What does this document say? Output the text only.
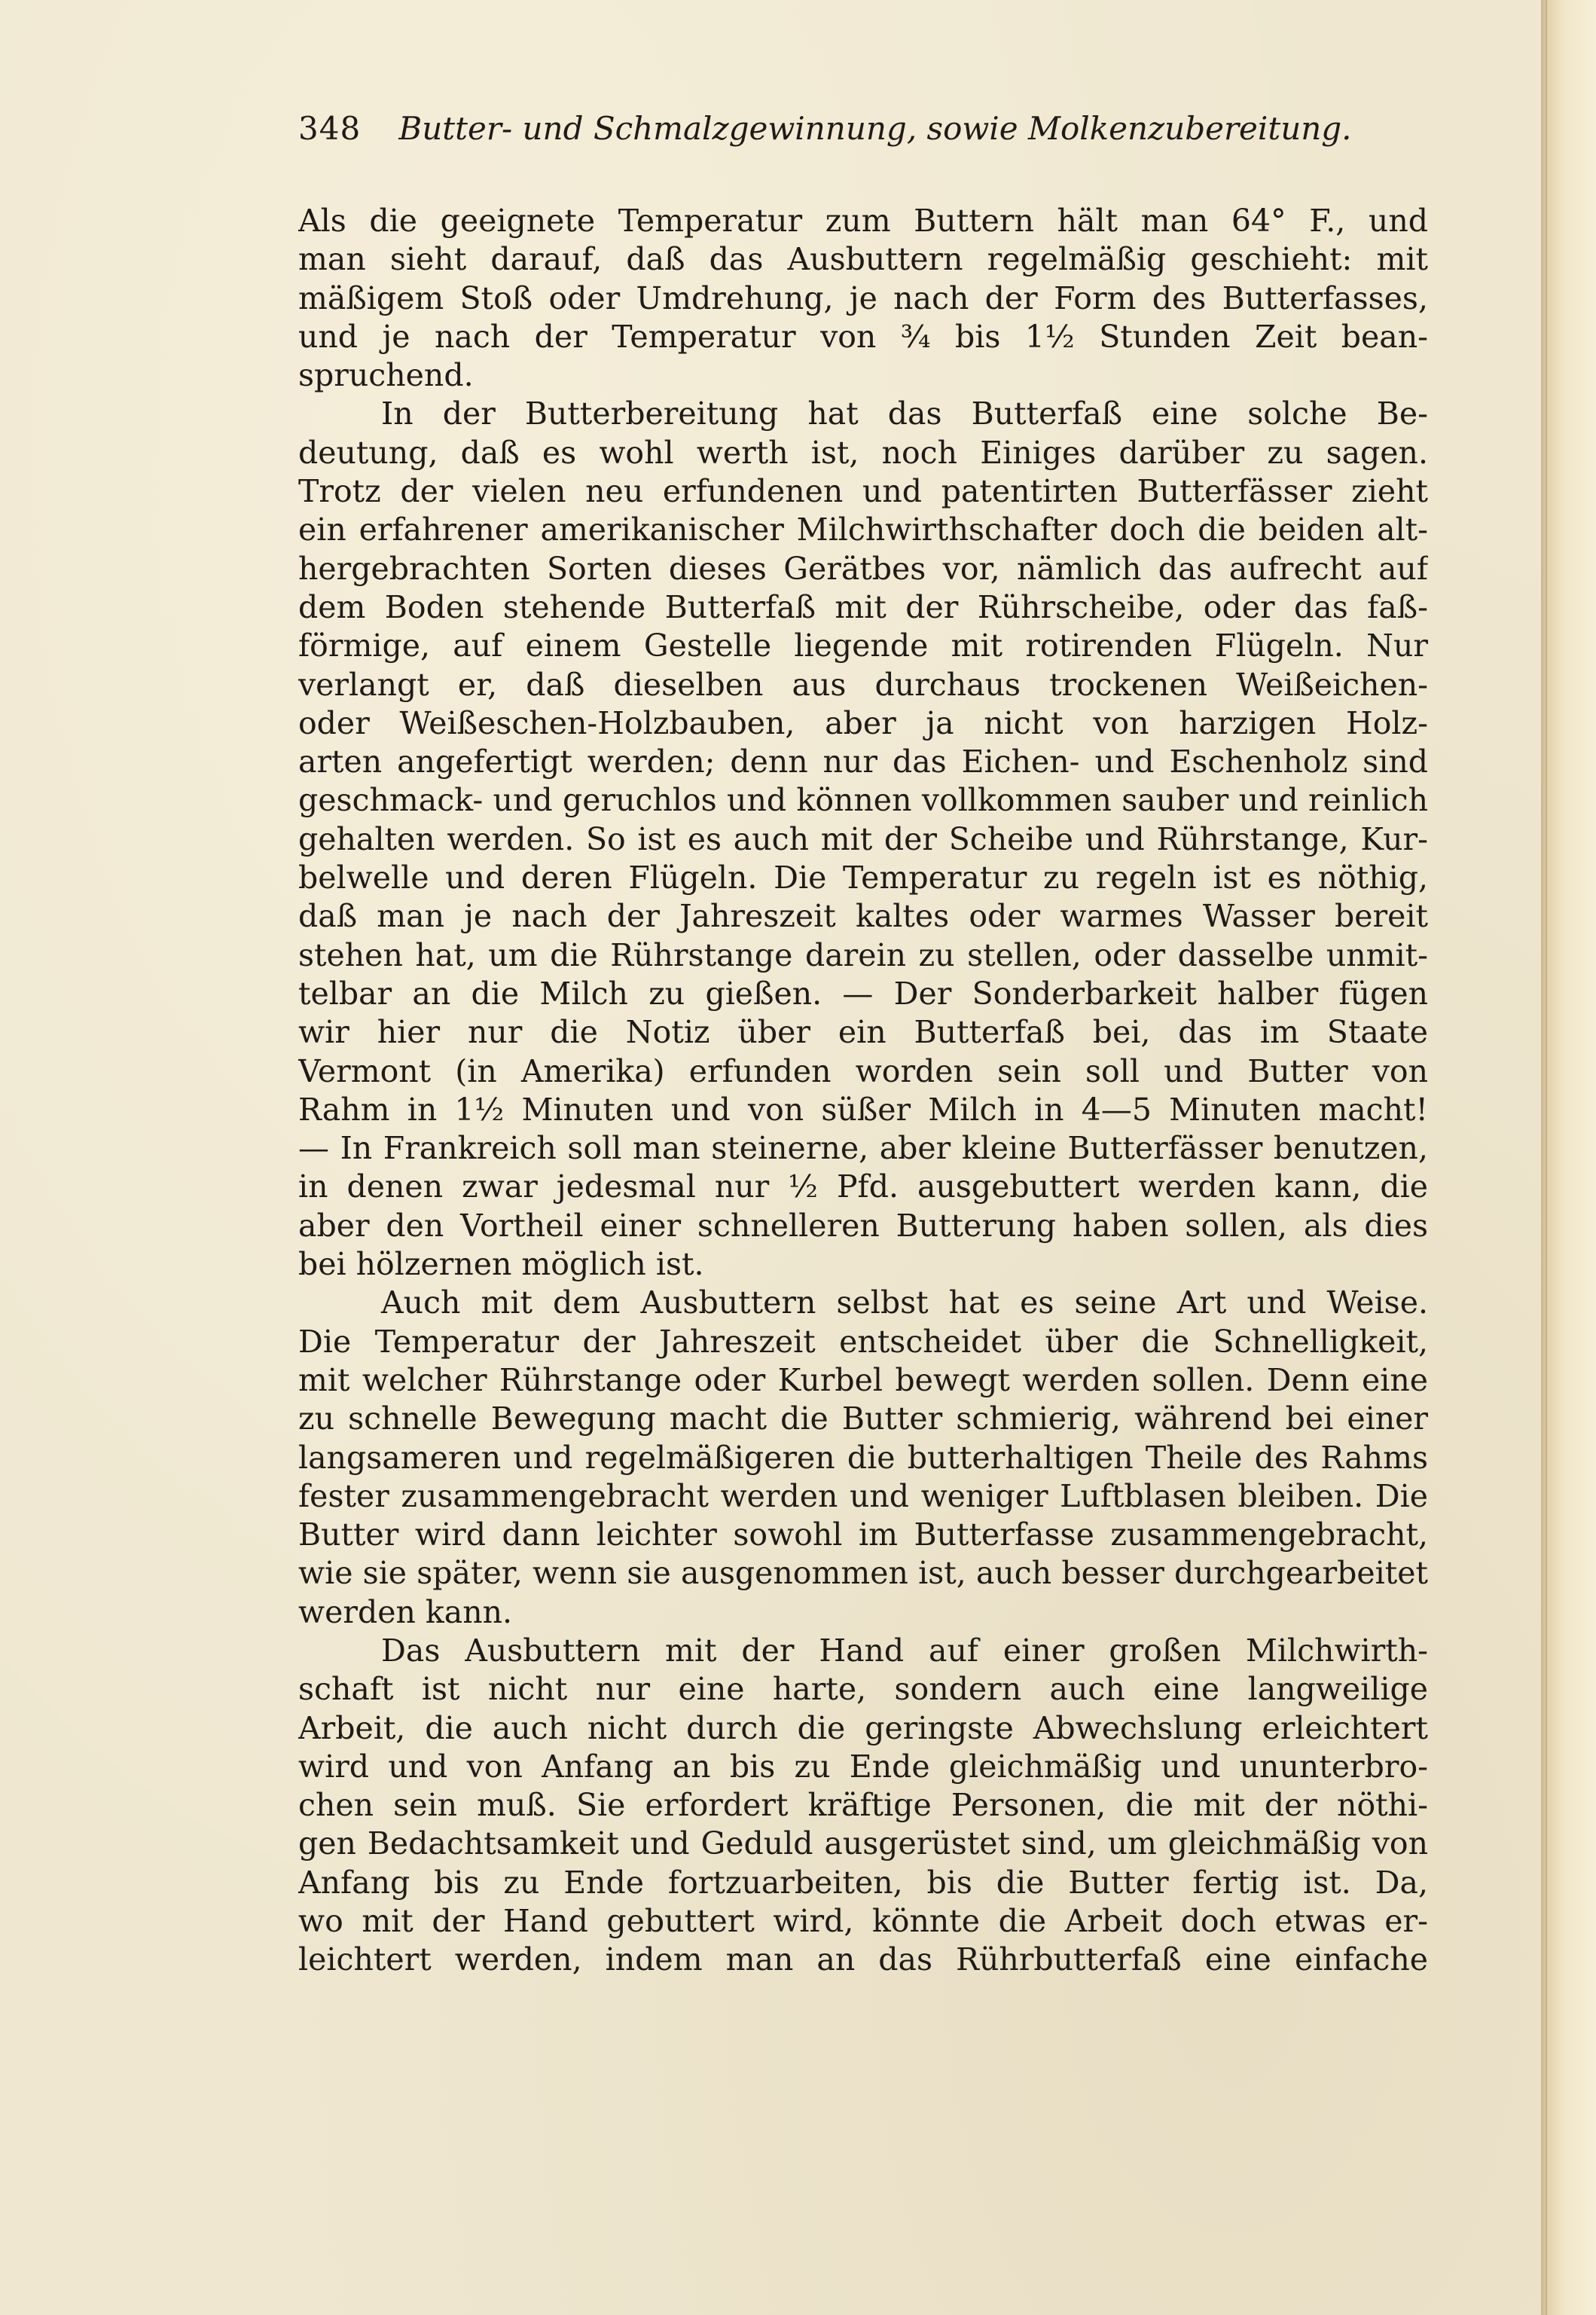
348 Butter- und Schmalzgewinnung, sowie Molkenzubereitung.
Als die geeignete Temperatur zum Buttern hält man 64° F., und
man sieht darauf, daß das Ausbuttern regelmäßig geschieht: mit
mäßigem Stoß oder Umdrehung, je nach der Form des Butterfasses,
und je nach der Temperatur von ¾ bis 1½ Stunden Zeit bean-
spruchend.
In der Butterbereitung hat das Butterfaß eine solche Be-
deutung, daß es wohl werth ist, noch Einiges darüber zu sagen.
Trotz der vielen neu erfundenen und patentirten Butterfässer zieht
ein erfahrener amerikanischer Milchwirthschafter doch die beiden alt-
hergebrachten Sorten dieses Gerätbes vor, nämlich das aufrecht auf
dem Boden stehende Butterfaß mit der Rührscheibe, oder das faß-
förmige, auf einem Gestelle liegende mit rotirenden Flügeln. Nur
verlangt er, daß dieselben aus durchaus trockenen Weißeichen-
oder Weißeschen-Holzbauben, aber ja nicht von harzigen Holz-
arten angefertigt werden; denn nur das Eichen- und Eschenholz sind
geschmack- und geruchlos und können vollkommen sauber und reinlich
gehalten werden. So ist es auch mit der Scheibe und Rührstange, Kur-
belwelle und deren Flügeln. Die Temperatur zu regeln ist es nöthig,
daß man je nach der Jahreszeit kaltes oder warmes Wasser bereit
stehen hat, um die Rührstange darein zu stellen, oder dasselbe unmit-
telbar an die Milch zu gießen. — Der Sonderbarkeit halber fügen
wir hier nur die Notiz über ein Butterfaß bei, das im Staate
Vermont (in Amerika) erfunden worden sein soll und Butter von
Rahm in 1½ Minuten und von süßer Milch in 4—5 Minuten macht!
— In Frankreich soll man steinerne, aber kleine Butterfässer benutzen,
in denen zwar jedesmal nur ½ Pfd. ausgebuttert werden kann, die
aber den Vortheil einer schnelleren Butterung haben sollen, als dies
bei hölzernen möglich ist.
Auch mit dem Ausbuttern selbst hat es seine Art und Weise.
Die Temperatur der Jahreszeit entscheidet über die Schnelligkeit,
mit welcher Rührstange oder Kurbel bewegt werden sollen. Denn eine
zu schnelle Bewegung macht die Butter schmierig, während bei einer
langsameren und regelmäßigeren die butterhaltigen Theile des Rahms
fester zusammengebracht werden und weniger Luftblasen bleiben. Die
Butter wird dann leichter sowohl im Butterfasse zusammengebracht,
wie sie später, wenn sie ausgenommen ist, auch besser durchgearbeitet
werden kann.
Das Ausbuttern mit der Hand auf einer großen Milchwirth-
schaft ist nicht nur eine harte, sondern auch eine langweilige
Arbeit, die auch nicht durch die geringste Abwechslung erleichtert
wird und von Anfang an bis zu Ende gleichmäßig und ununterbro-
chen sein muß. Sie erfordert kräftige Personen, die mit der nöthi-
gen Bedachtsamkeit und Geduld ausgerüstet sind, um gleichmäßig von
Anfang bis zu Ende fortzuarbeiten, bis die Butter fertig ist. Da,
wo mit der Hand gebuttert wird, könnte die Arbeit doch etwas er-
leichtert werden, indem man an das Rührbutterfaß eine einfache
